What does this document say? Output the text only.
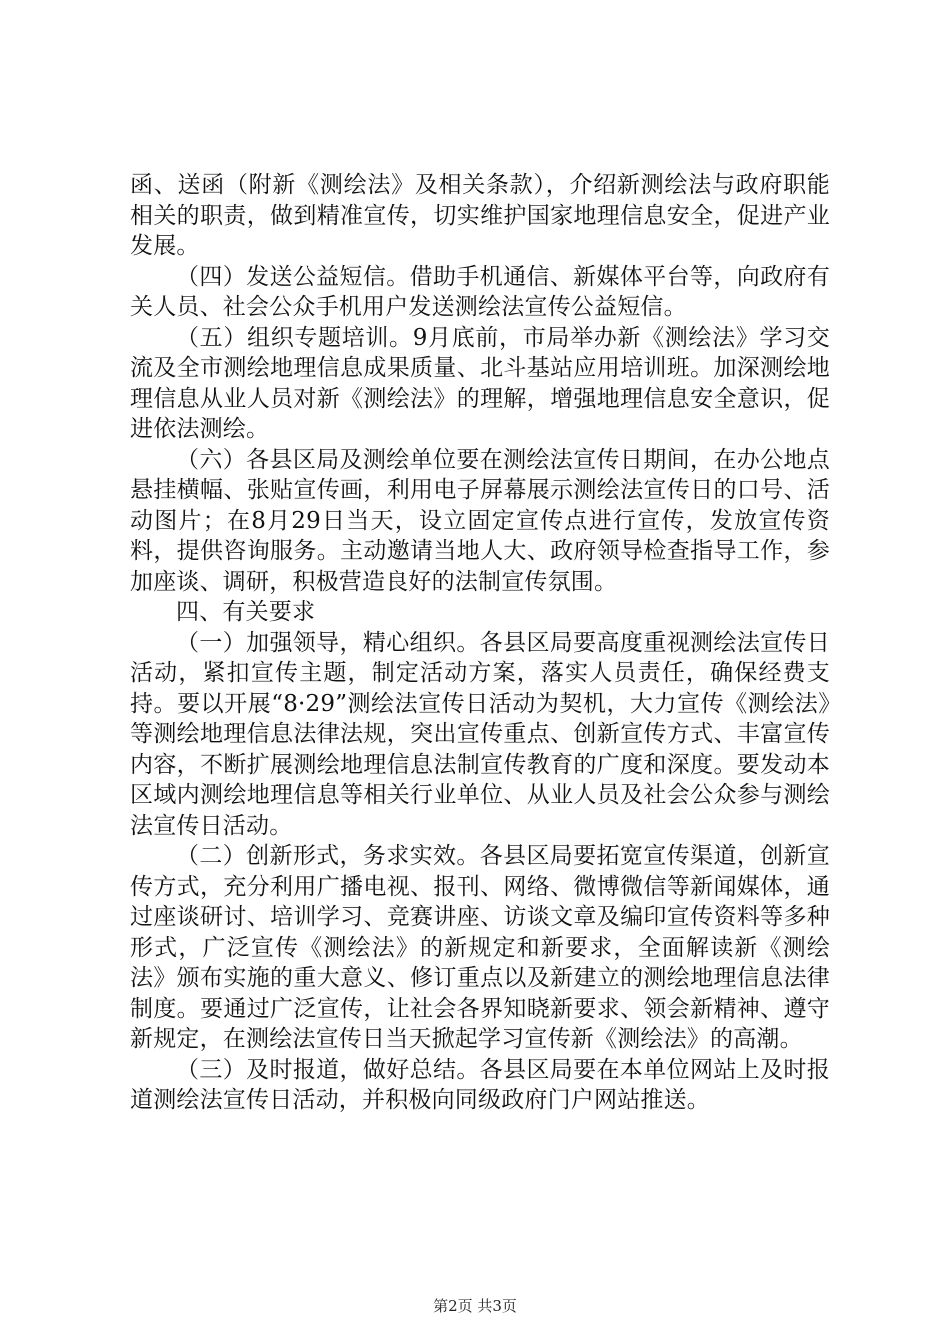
函、送函（附新《测绘法》及相关条款），介绍新测绘法与政府职能相关的职责，做到精准宣传，切实维护国家地理信息安全，促进产业发展。

（四）发送公益短信。借助手机通信、新媒体平台等，向政府有关人员、社会公众手机用户发送测绘法宣传公益短信。

（五）组织专题培训。9月底前，市局举办新《测绘法》学习交流及全市测绘地理信息成果质量、北斗基站应用培训班。加深测绘地理信息从业人员对新《测绘法》的理解，增强地理信息安全意识，促进依法测绘。

（六）各县区局及测绘单位要在测绘法宣传日期间，在办公地点悬挂横幅、张贴宣传画，利用电子屏幕展示测绘法宣传日的口号、活动图片；在8月29日当天，设立固定宣传点进行宣传，发放宣传资料，提供咨询服务。主动邀请当地人大、政府领导检查指导工作，参加座谈、调研，积极营造良好的法制宣传氛围。

四、有关要求

（一）加强领导，精心组织。各县区局要高度重视测绘法宣传日活动，紧扣宣传主题，制定活动方案，落实人员责任，确保经费支持。要以开展“8·29”测绘法宣传日活动为契机，大力宣传《测绘法》等测绘地理信息法律法规，突出宣传重点、创新宣传方式、丰富宣传内容，不断扩展测绘地理信息法制宣传教育的广度和深度。要发动本区域内测绘地理信息等相关行业单位、从业人员及社会公众参与测绘法宣传日活动。

（二）创新形式，务求实效。各县区局要拓宽宣传渠道，创新宣传方式，充分利用广播电视、报刊、网络、微博微信等新闻媒体，通过座谈研讨、培训学习、竞赛讲座、访谈文章及编印宣传资料等多种形式，广泛宣传《测绘法》的新规定和新要求，全面解读新《测绘法》颁布实施的重大意义、修订重点以及新建立的测绘地理信息法律制度。要通过广泛宣传，让社会各界知晓新要求、领会新精神、遵守新规定，在测绘法宣传日当天掀起学习宣传新《测绘法》的高潮。

（三）及时报道，做好总结。各县区局要在本单位网站上及时报道测绘法宣传日活动，并积极向同级政府门户网站推送。

第2页 共3页
